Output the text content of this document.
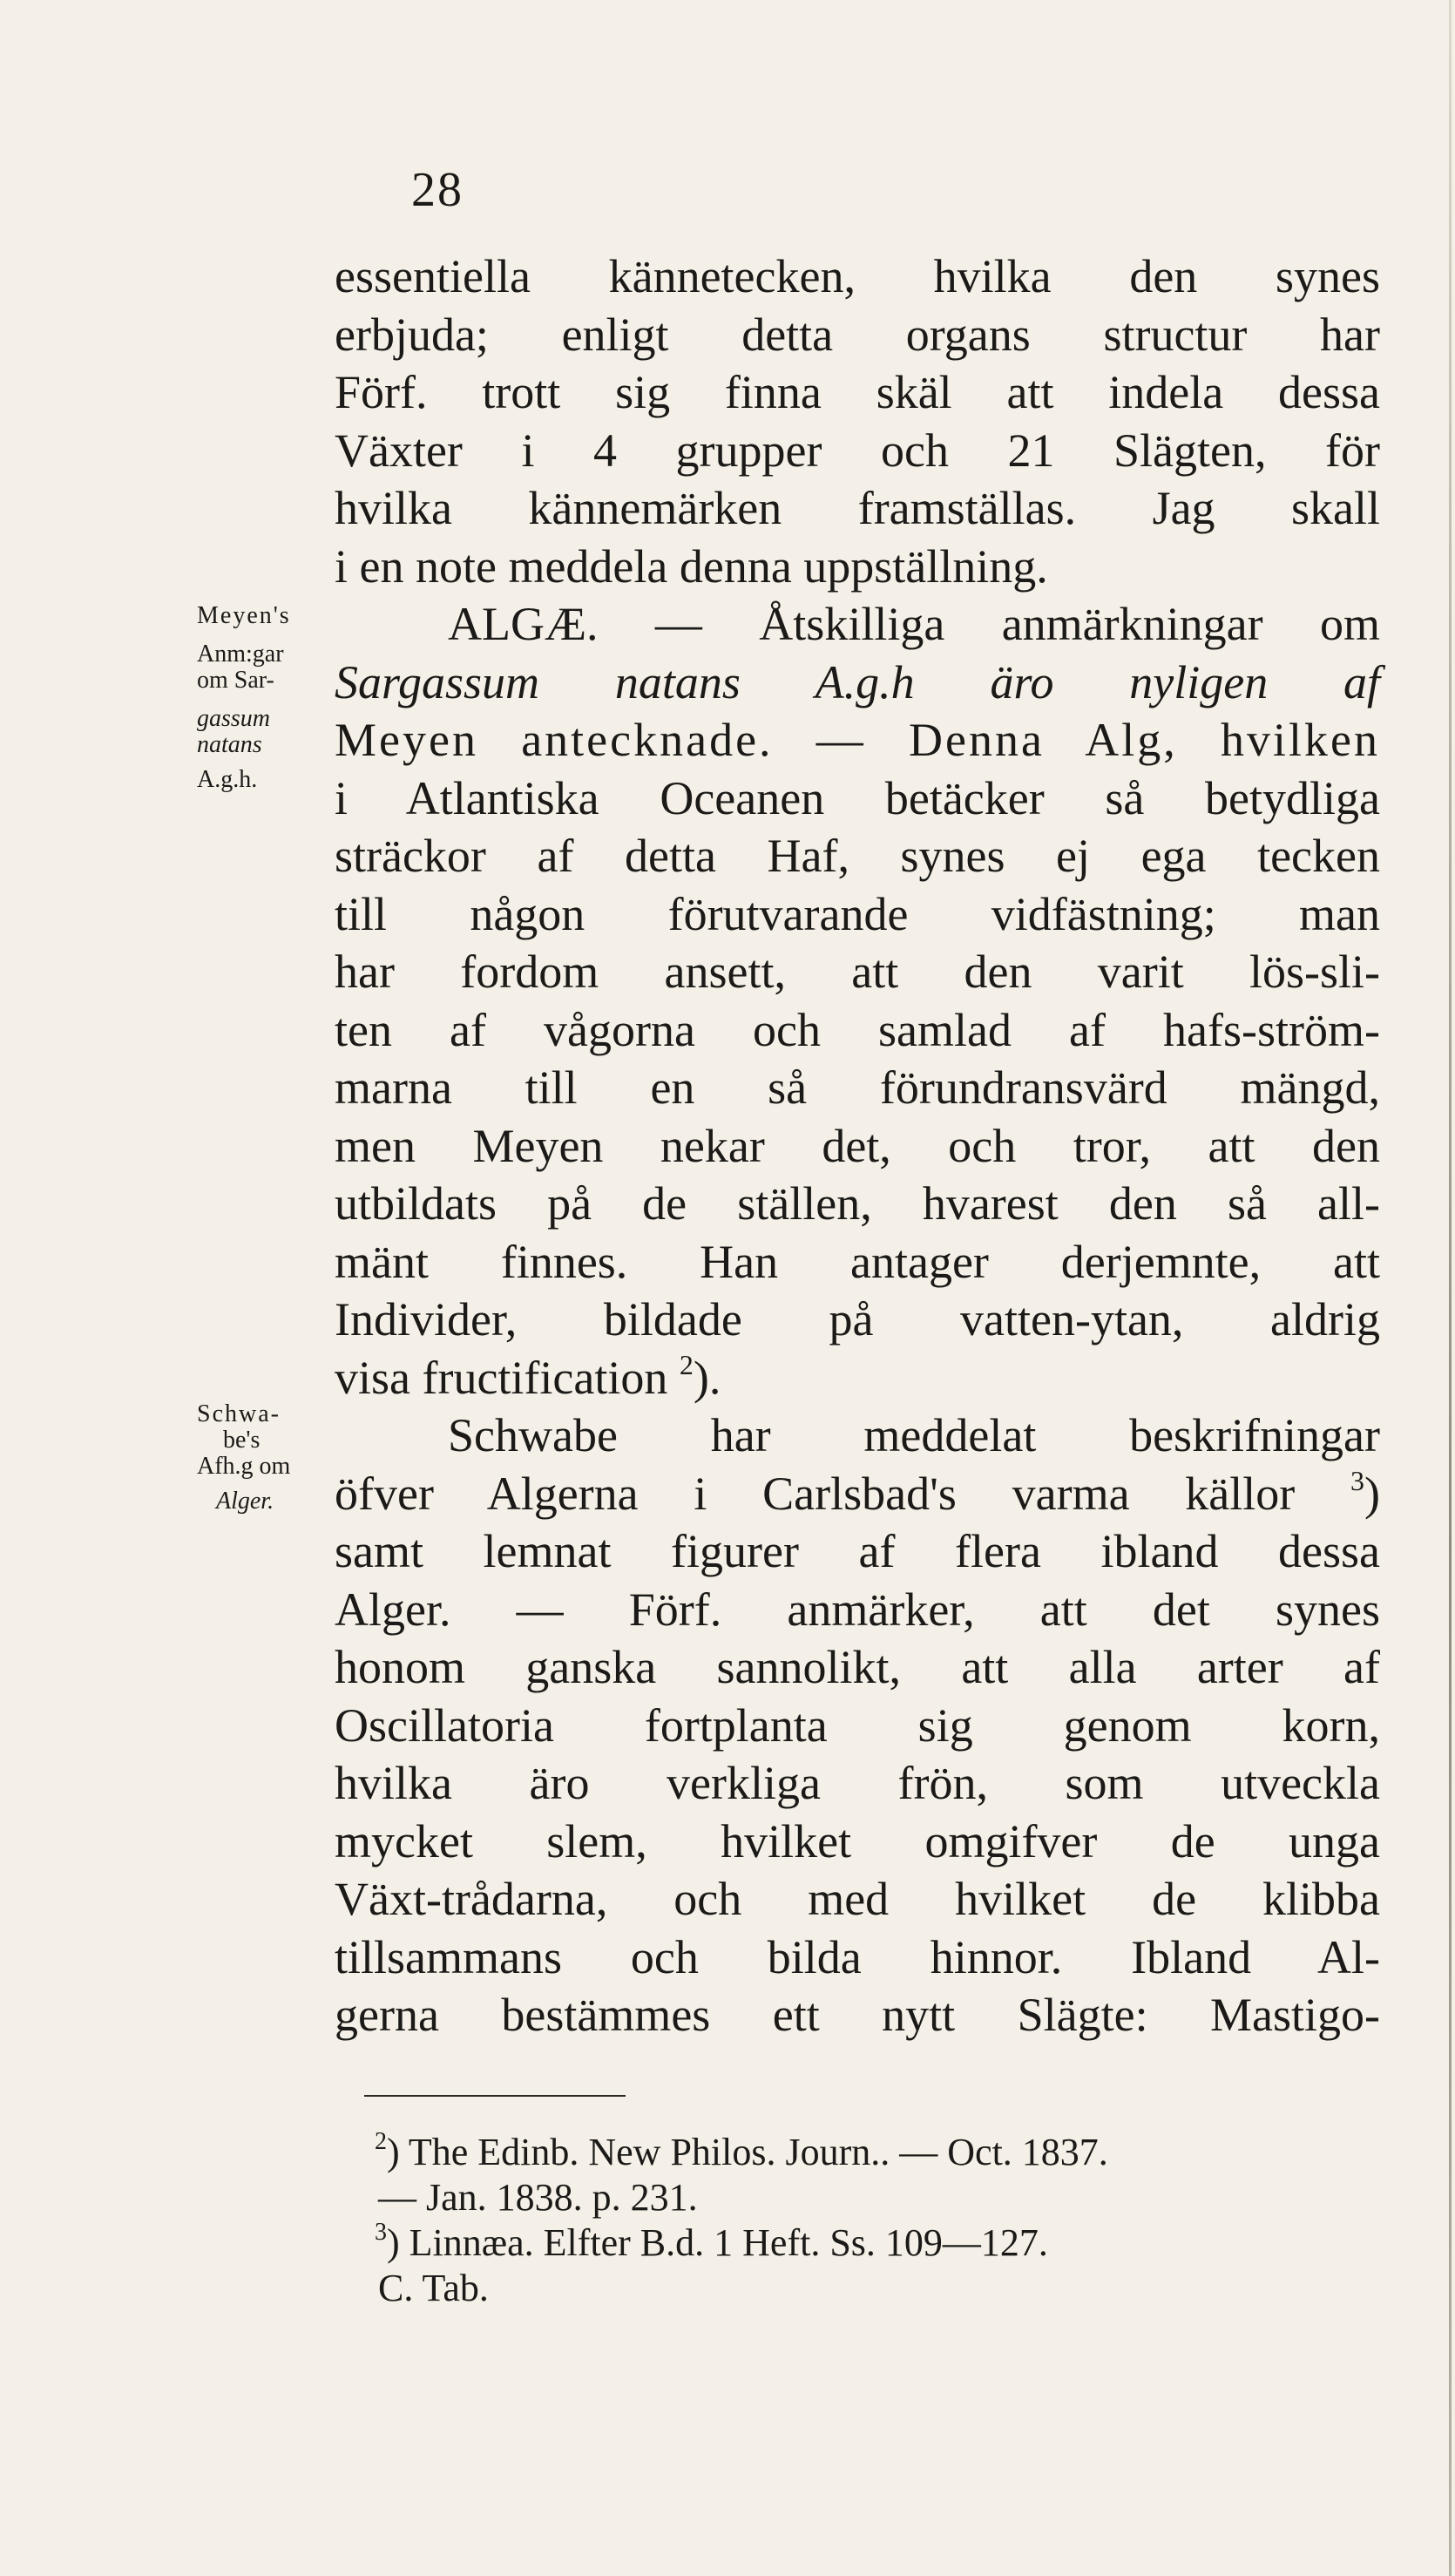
28
Meyen's
Anm:gar
om Sar-
gassum
natans
A.g.h.
Schwa-
be's
Afh.g om
Alger.
essentiella kännetecken, hvilka den synes
erbjuda; enligt detta organs structur har
Förf. trott sig finna skäl att indela dessa
Växter i 4 grupper och 21 Slägten, för
hvilka kännemärken framställas. Jag skall
i en note meddela denna uppställning.
ALGÆ. — Åtskilliga anmärkningar om
Sargassum natans A.g.h äro nyligen af
Meyen antecknade. — Denna Alg, hvilken
i Atlantiska Oceanen betäcker så betydliga
sträckor af detta Haf, synes ej ega tecken
till någon förutvarande vidfästning; man
har fordom ansett, att den varit lös-sli-
ten af vågorna och samlad af hafs-ström-
marna till en så förundransvärd mängd,
men Meyen nekar det, och tror, att den
utbildats på de ställen, hvarest den så all-
mänt finnes. Han antager derjemnte, att
Individer, bildade på vatten-ytan, aldrig
visa fructification $^2$).
Schwabe har meddelat beskrifningar
öfver Algerna i Carlsbad's varma källor $^3$)
samt lemnat figurer af flera ibland dessa
Alger. — Förf. anmärker, att det synes
honom ganska sannolikt, att alla arter af
Oscillatoria fortplanta sig genom korn,
hvilka äro verkliga frön, som utveckla
mycket slem, hvilket omgifver de unga
Växt-trådarna, och med hvilket de klibba
tillsammans och bilda hinnor. Ibland Al-
gerna bestämmes ett nytt Slägte: Mastigo-
$^2$) The Edinb. New Philos. Journ.. — Oct. 1837.
— Jan. 1838. p. 231.
$^3$) Linnæa. Elfter B.d. 1 Heft. Ss. 109—127.
C. Tab.
